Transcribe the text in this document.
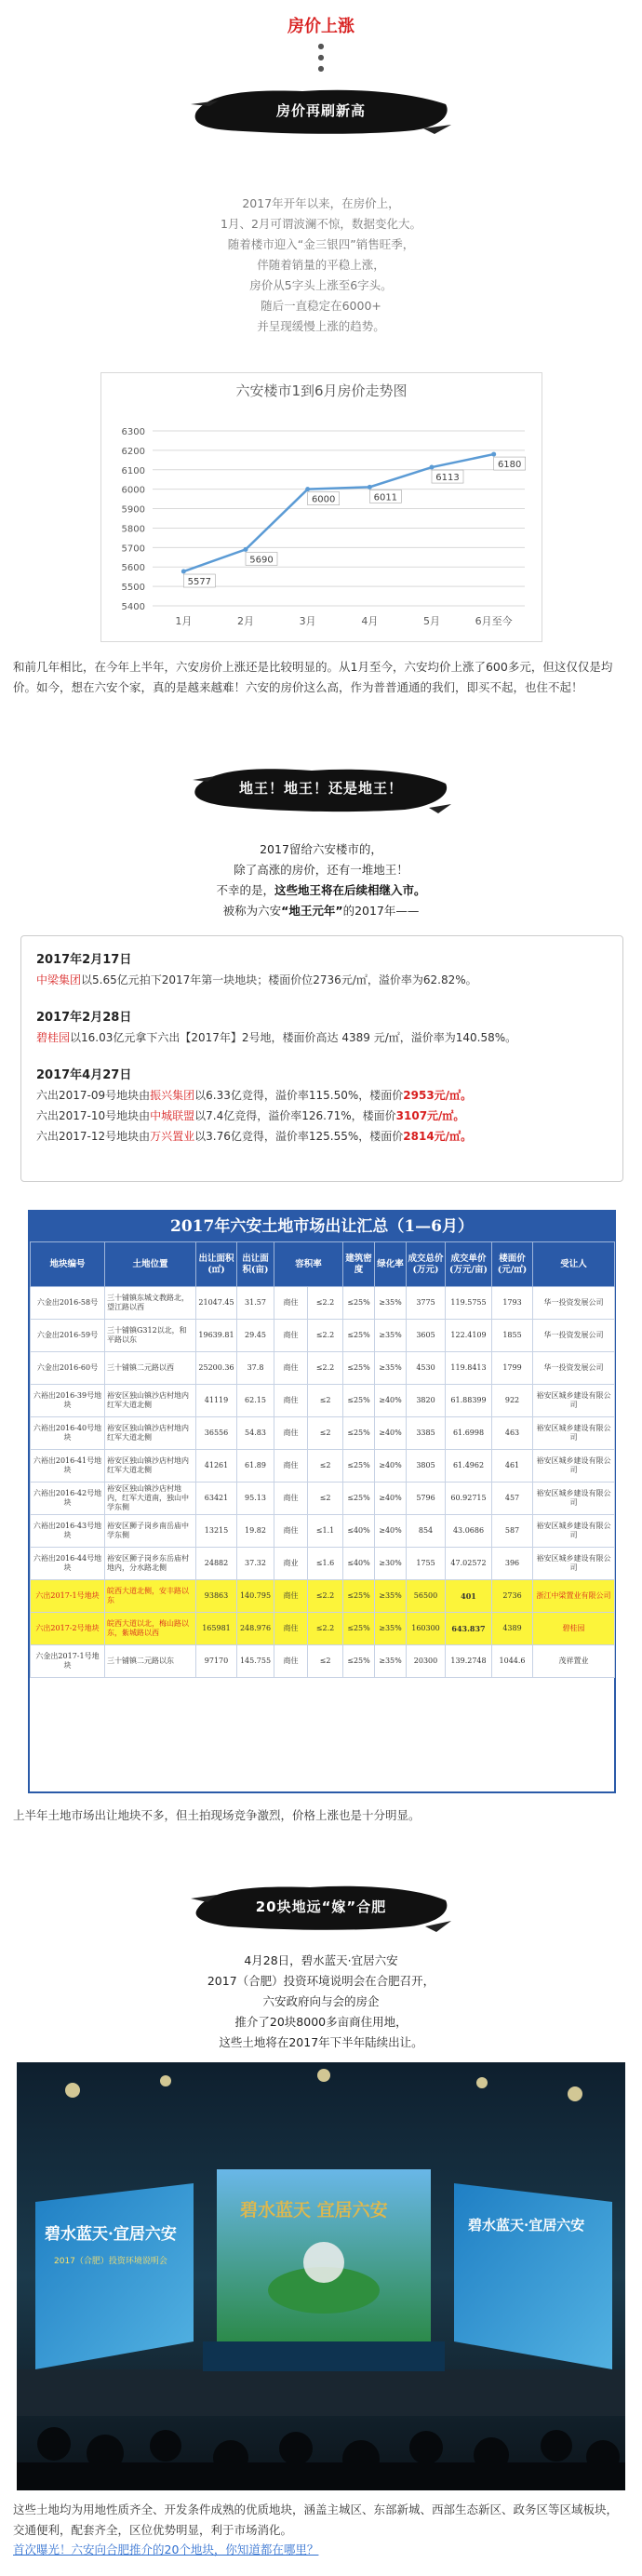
房价上涨
●
●
●
房价再刷新高

2017年开年以来，在房价上，

1月、2月可谓波澜不惊，数据变化大。

随着楼市迎入“金三银四”销售旺季，

伴随着销量的平稳上涨，

房价从5字头上涨至6字头。

随后一直稳定在6000+

并呈现缓慢上涨的趋势。

六安楼市1到6月房价走势图
6300
6200
6100
6000
5900
5800
5700
5600
5500
5400
1月	2月	3月	4月	5月	6月至今
5577
5690
6000	6011
6113
6180
和前几年相比，在今年上半年，六安房价上涨还是比较明显的。从1月至今，六安均价上涨了600多元，但这仅仅是均价。如今，想在六安个家，真的是越来越难！六安的房价这么高，作为普普通通的我们，即买不起，也住不起！
地王！地王！还是地王！

2017留给六安楼市的，

除了高涨的房价，还有一堆地王！

不幸的是，这些地王将在后续相继入市。

被称为六安“地王元年”的2017年——

2017年2月17日
中梁集团以5.65亿元拍下2017年第一块地块；楼面价位2736元/㎡，溢价率为62.82%。
2017年2月28日
碧桂园以16.03亿元拿下六出【2017年】2号地，楼面价高达 4389 元/㎡，溢价率为140.58%。
2017年4月27日
六出2017-09号地块由振兴集团以6.33亿竞得，溢价率115.50%，楼面价2953元/㎡。
六出2017-10号地块由中城联盟以7.4亿竞得，溢价率126.71%，楼面价3107元/㎡。
六出2017-12号地块由万兴置业以3.76亿竞得，溢价率125.55%，楼面价2814元/㎡。
2017年六安土地市场出让汇总（1—6月）
地块编号	土地位置	出让面积(㎡)	出让面积(亩)	容积率		建筑密度	绿化率	成交总价(万元)	成交单价(万元/亩)	楼面价(元/㎡)	受让人
六金出2016-58号	三十铺镇东城文教路北，望江路以西	21047.45	31.57	商住	≤2.2	≤25%	≥35%	3775	119.5755	1793	华一投资发展公司
六金出2016-59号	三十铺镇G312以北，和平路以东	19639.81	29.45	商住	≤2.2	≤25%	≥35%	3605	122.4109	1855	华一投资发展公司
六金出2016-60号	三十铺镇二元路以西	25200.36	37.8	商住	≤2.2	≤25%	≥35%	4530	119.8413	1799	华一投资发展公司
六裕出2016-39号地块	裕安区独山镇沙店村地内红军大道北侧	41119	62.15	商住	≤2	≤25%	≥40%	3820	61.88399	922	裕安区城乡建设有限公司
六裕出2016-40号地块	裕安区独山镇沙店村地内红军大道北侧	36556	54.83	商住	≤2	≤25%	≥40%	3385	61.6998	463	裕安区城乡建设有限公司
六裕出2016-41号地块	裕安区独山镇沙店村地内红军大道北侧	41261	61.89	商住	≤2	≤25%	≥40%	3805	61.4962	461	裕安区城乡建设有限公司
六裕出2016-42号地块	裕安区独山镇沙店村地内，红军大道南，独山中学东侧	63421	95.13	商住	≤2	≤25%	≥40%	5796	60.92715	457	裕安区城乡建设有限公司
六裕出2016-43号地块	裕安区狮子岗乡南岳庙中学东侧	13215	19.82	商住	≤1.1	≤40%	≥40%	854	43.0686	587	裕安区城乡建设有限公司
六裕出2016-44号地块	裕安区狮子岗乡东岳庙村地内，分水路北侧	24882	37.32	商业	≤1.6	≤40%	≥30%	1755	47.02572	396	裕安区城乡建设有限公司
六出2017-1号地块	皖西大道北侧，安丰路以东	93863	140.795	商住	≤2.2	≤25%	≥35%	56500	401	2736	浙江中梁置业有限公司
六出2017-2号地块	皖西大道以北，梅山路以东，紫城路以西	165981	248.976	商住	≤2.2	≤25%	≥35%	160300	643.837	4389	碧桂园
六金出2017-1号地块	三十铺镇二元路以东	97170	145.755	商住	≤2	≤25%	≥35%	20300	139.2748	1044.6	茂祥置业
上半年土地市场出让地块不多，但土拍现场竞争激烈，价格上涨也是十分明显。
20块地远“嫁”合肥

4月28日，碧水蓝天·宜居六安

2017（合肥）投资环境说明会在合肥召开，

六安政府向与会的房企

推介了20块8000多亩商住用地，

这些土地将在2017年下半年陆续出让。

碧水蓝天·宜居六安
2017（合肥）投资环境说明会
碧水蓝天 宜居六安
碧水蓝天·宜居六安
这些土地均为用地性质齐全、开发条件成熟的优质地块，涵盖主城区、东部新城、西部生态新区、政务区等区域板块，交通便利，配套齐全，区位优势明显，利于市场消化。
首次曝光！六安向合肥推介的20个地块，你知道都在哪里？
